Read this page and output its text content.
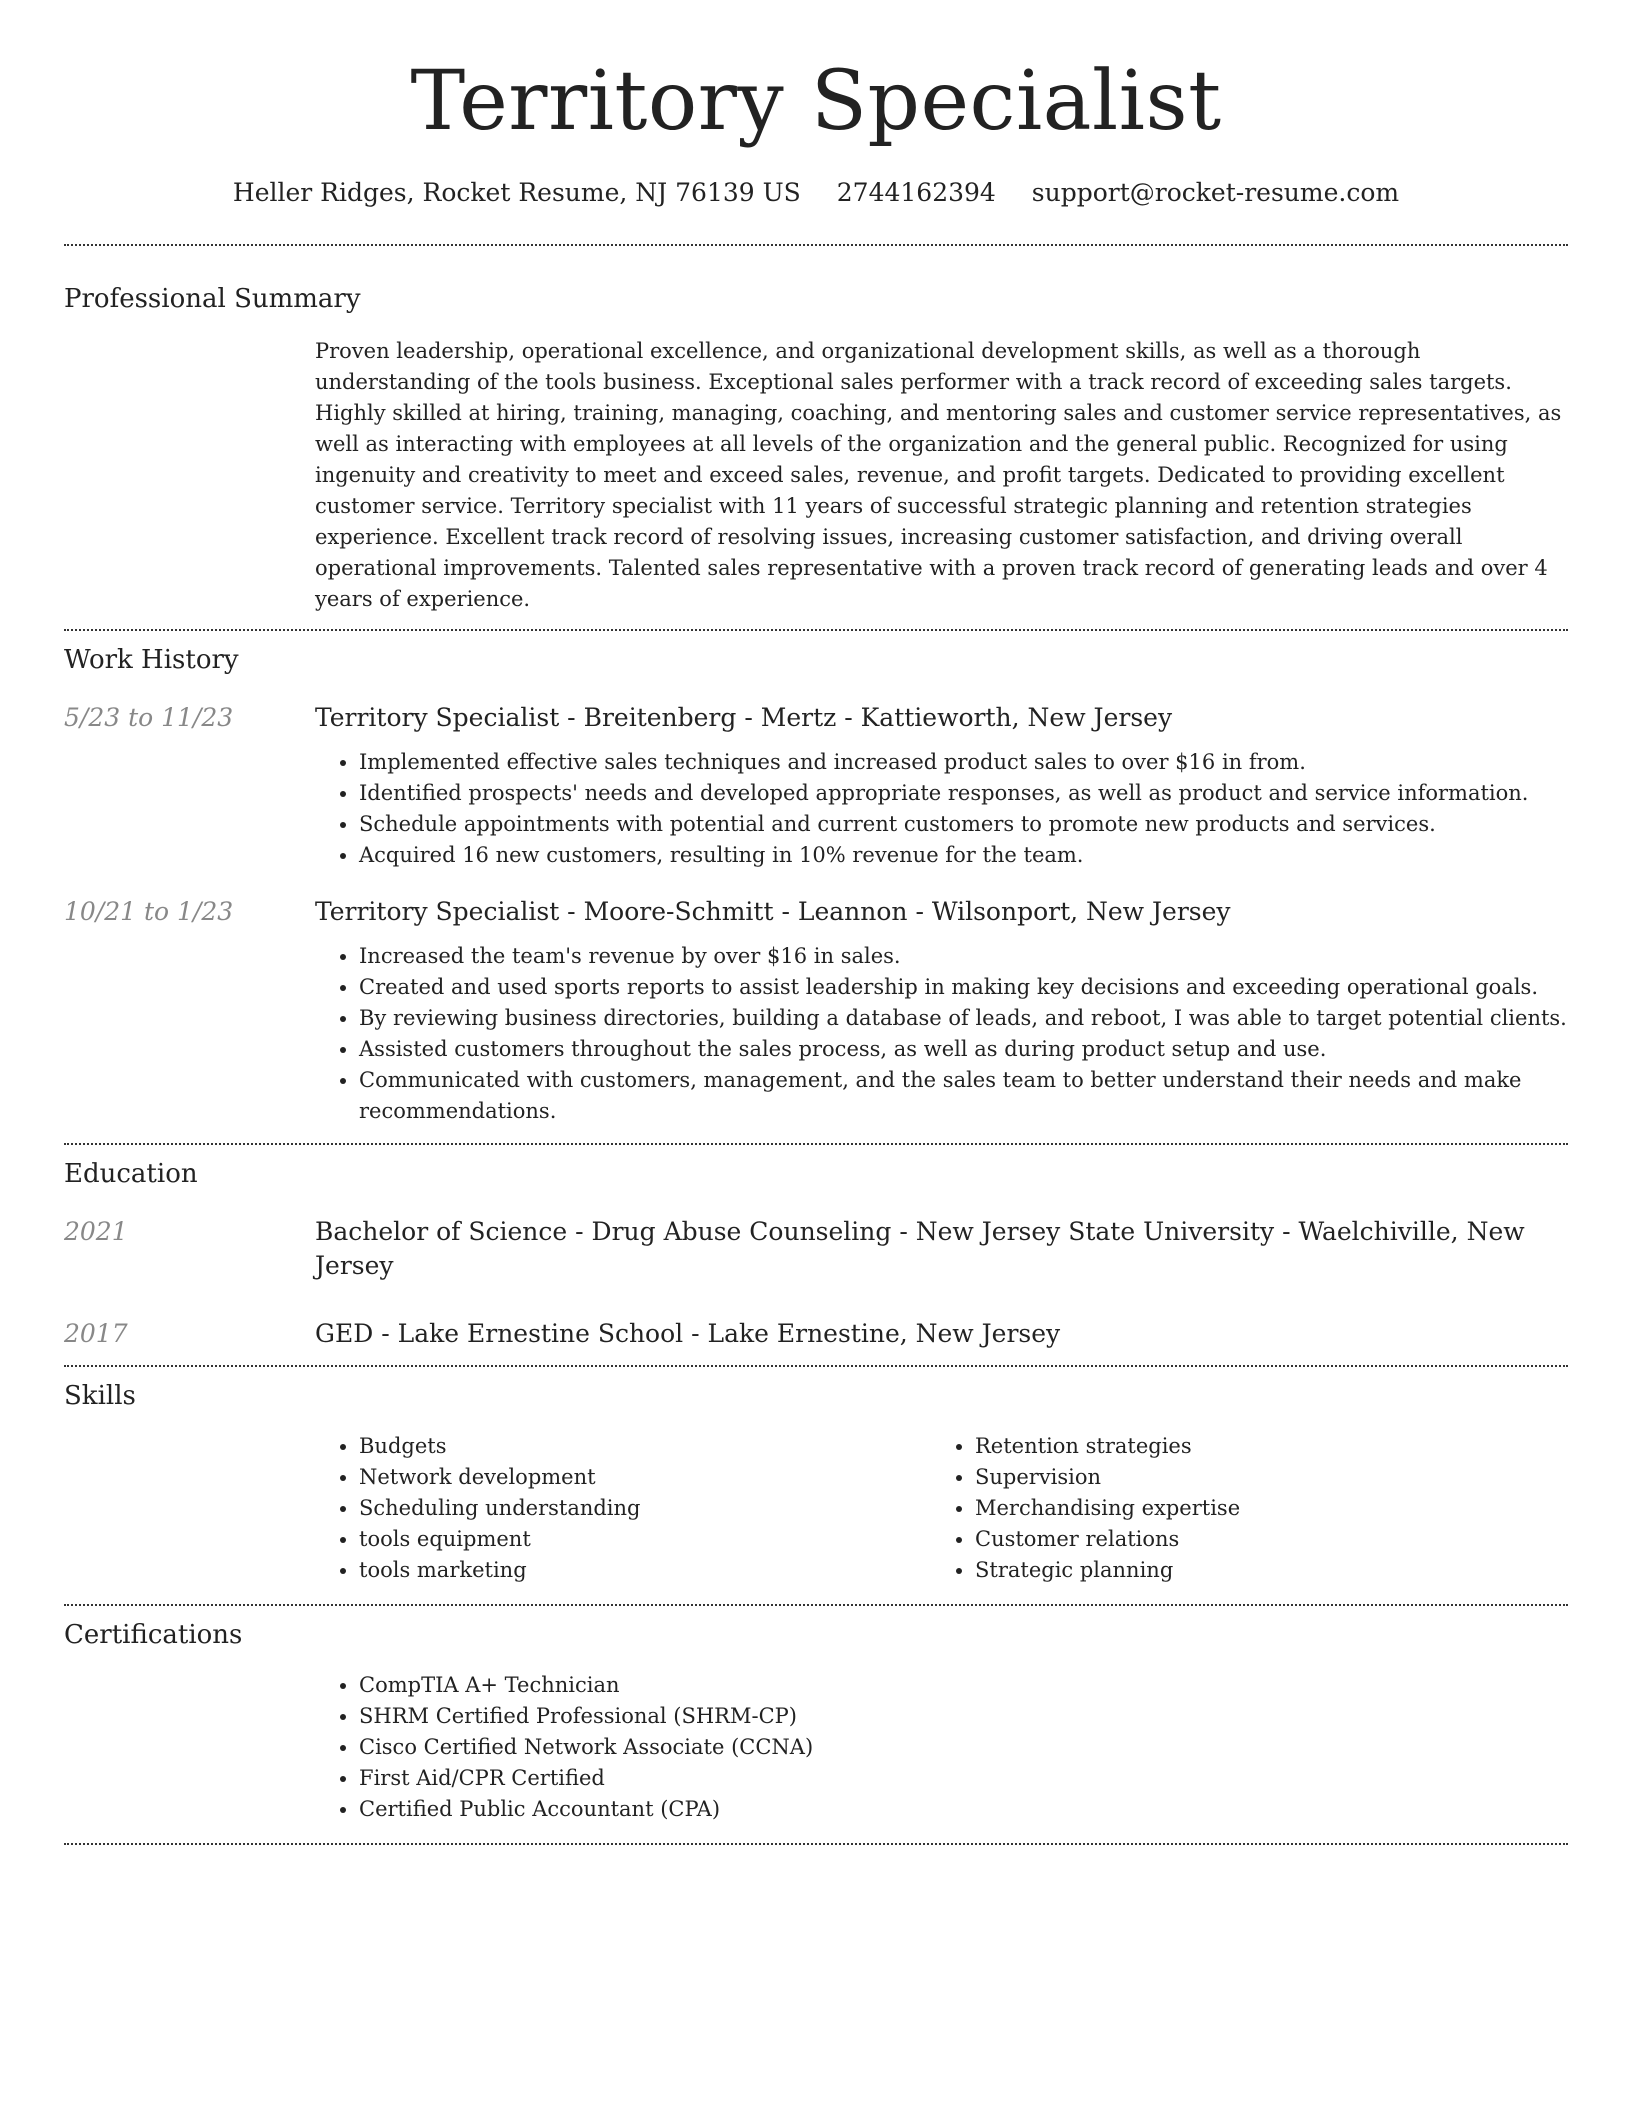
Territory Specialist
Heller Ridges, Rocket Resume, NJ 76139 US 2744162394 support@rocket-resume.com
Professional Summary

Proven leadership, operational excellence, and organizational development skills, as well as a thorough understanding of the tools business. Exceptional sales performer with a track record of exceeding sales targets. Highly skilled at hiring, training, managing, coaching, and mentoring sales and customer service representatives, as well as interacting with employees at all levels of the organization and the general public. Recognized for using ingenuity and creativity to meet and exceed sales, revenue, and profit targets. Dedicated to providing excellent customer service. Territory specialist with 11 years of successful strategic planning and retention strategies experience. Excellent track record of resolving issues, increasing customer satisfaction, and driving overall operational improvements. Talented sales representative with a proven track record of generating leads and over 4 years of experience.

Work History
5/23 to 11/23	Territory Specialist - Breitenberg - Mertz - Kattieworth, New Jersey
• Implemented effective sales techniques and increased product sales to over $16 in from.
• Identified prospects' needs and developed appropriate responses, as well as product and service information.
• Schedule appointments with potential and current customers to promote new products and services.
• Acquired 16 new customers, resulting in 10% revenue for the team.
10/21 to 1/23	Territory Specialist - Moore-Schmitt - Leannon - Wilsonport, New Jersey
• Increased the team's revenue by over $16 in sales.
• Created and used sports reports to assist leadership in making key decisions and exceeding operational goals.
• By reviewing business directories, building a database of leads, and reboot, I was able to target potential clients.
• Assisted customers throughout the sales process, as well as during product setup and use.
• Communicated with customers, management, and the sales team to better understand their needs and make recommendations.
Education
2021	Bachelor of Science - Drug Abuse Counseling - New Jersey State University - Waelchiville, New Jersey
2017	GED - Lake Ernestine School - Lake Ernestine, New Jersey
Skills
• Budgets
• Network development
• Scheduling understanding
• tools equipment
• tools marketing
• Retention strategies
• Supervision
• Merchandising expertise
• Customer relations
• Strategic planning
Certifications
• CompTIA A+ Technician
• SHRM Certified Professional (SHRM-CP)
• Cisco Certified Network Associate (CCNA)
• First Aid/CPR Certified
• Certified Public Accountant (CPA)
